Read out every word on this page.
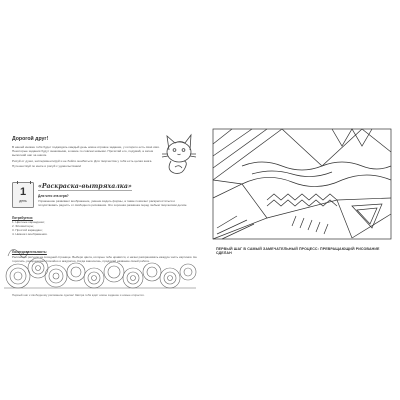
Дорогой друг!

В нашей книжке тебя будет поджидать каждый день новое игровое задание, у которого есть своё имя. Некоторые задания будут знакомыми, а какие-то совсем новыми. Прочитай его, подумай, а затем выполняй шаг за шагом.

Рисуй от души, экспериментируй и не бойся ошибиться. Для творчества у тебя есть целая книга.

Путешествуй по книге и рисуй с удовольствием!

1
день
«Раскраска-вытряхалка»
Для чего эта игра?

Упражнение развивает воображение, умение видеть формы, а также помогает раскрепоститься и почувствовать радость от свободного рисования. Это хорошая разминка перед любым творческим делом.

Потребуется:
1. Цветные карандаши;
2. Фломастеры;
3. Простой карандаш;
4. Немного воображения.
Последовательность:

Рассмотри рисунок на соседней странице. Выбери цвета, которые тебе нравятся, и начни раскрашивать каждую часть картинки. Не торопись, раскрашивай спокойно и аккуратно. Когда закончишь, придумай название своей работе.

Первый шаг к свободному рисованию сделан! Завтра тебя ждёт новое задание и новые открытия.

ПЕРВЫЙ ШАГ В САМЫЙ ЗАМЕЧАТЕЛЬНЫЙ ПРОЦЕСС: ПРЕВРАЩАЮЩИЙ РИСОВАНИЕ СДЕЛАН
